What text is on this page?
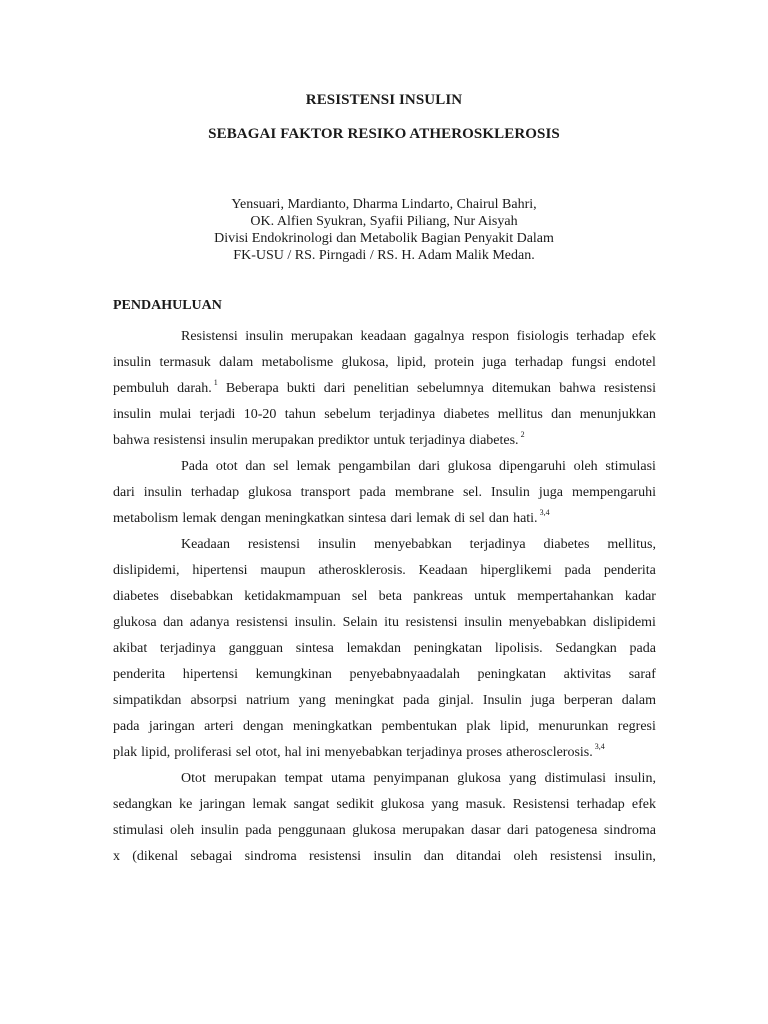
RESISTENSI INSULIN
SEBAGAI FAKTOR RESIKO ATHEROSKLEROSIS
Yensuari, Mardianto, Dharma Lindarto, Chairul Bahri,
OK. Alfien Syukran, Syafii Piliang, Nur Aisyah
Divisi Endokrinologi dan Metabolik Bagian Penyakit Dalam
FK-USU / RS. Pirngadi / RS. H. Adam Malik Medan.
PENDAHULUAN
Resistensi insulin merupakan keadaan gagalnya respon fisiologis terhadap efek
insulin termasuk dalam metabolisme glukosa, lipid, protein juga terhadap fungsi endotel
pembuluh darah. $^1$ Beberapa bukti dari penelitian sebelumnya ditemukan bahwa resistensi
insulin mulai terjadi 10-20 tahun sebelum terjadinya diabetes mellitus dan menunjukkan
bahwa resistensi insulin merupakan prediktor untuk terjadinya diabetes. $^2$
Pada otot dan sel lemak pengambilan dari glukosa dipengaruhi oleh stimulasi
dari insulin terhadap glukosa transport pada membrane sel. Insulin juga mempengaruhi
metabolism lemak dengan meningkatkan sintesa dari lemak di sel dan hati. $^{3,4}$
Keadaan resistensi insulin menyebabkan terjadinya diabetes mellitus,
dislipidemi, hipertensi maupun atherosklerosis. Keadaan hiperglikemi pada penderita
diabetes disebabkan ketidakmampuan sel beta pankreas untuk mempertahankan kadar
glukosa dan adanya resistensi insulin. Selain itu resistensi insulin menyebabkan dislipidemi
akibat terjadinya gangguan sintesa lemakdan peningkatan lipolisis. Sedangkan pada
penderita hipertensi kemungkinan penyebabnyaadalah peningkatan aktivitas saraf
simpatikdan absorpsi natrium yang meningkat pada ginjal. Insulin juga berperan dalam
pada jaringan arteri dengan meningkatkan pembentukan plak lipid, menurunkan regresi
plak lipid, proliferasi sel otot, hal ini menyebabkan terjadinya proses atherosclerosis. $^{3,4}$
Otot merupakan tempat utama penyimpanan glukosa yang distimulasi insulin,
sedangkan ke jaringan lemak sangat sedikit glukosa yang masuk. Resistensi terhadap efek
stimulasi oleh insulin pada penggunaan glukosa merupakan dasar dari patogenesa sindroma
x (dikenal sebagai sindroma resistensi insulin dan ditandai oleh resistensi insulin,
